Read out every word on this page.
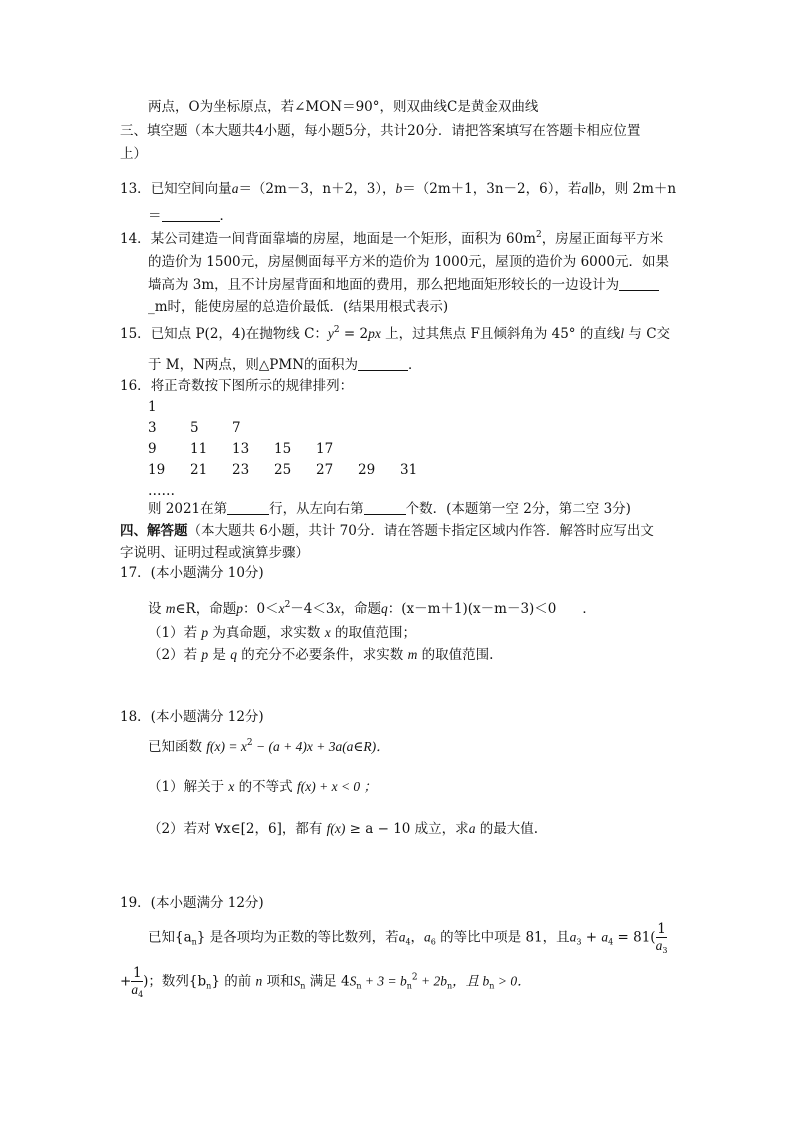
两点，O为坐标原点，若∠MON＝90°，则双曲线C是黄金双曲线
三、填空题（本大题共4小题，每小题5分，共计20分．请把答案填写在答题卡相应位置
上）
13．已知空间向量a＝（2m－3，n＋2，3），b＝（2m＋1，3n－2，6），若a∥b，则 2m＋n
＝	．
14．某公司建造一间背面靠墙的房屋，地面是一个矩形，面积为 $60m^2$，房屋正面每平方米
的造价为 1500元，房屋侧面每平方米的造价为 1000元，屋顶的造价为 6000元．如果
墙高为 3m，且不计房屋背面和地面的费用，那么把地面矩形较长的一边设计为
_m时，能使房屋的总造价最低．(结果用根式表示)
15．已知点 P(2，4)在抛物线 C：$y^2 = 2px$ 上，过其焦点 F且倾斜角为 45° 的直线l 与 C交
于 M，N两点，则△PMN的面积为	．
16．将正奇数按下图所示的规律排列：
1
3 5 7
9 11 13 15 17
19 21 23 25 27 29 31
……
则 2021在第	行，从左向右第	个数．(本题第一空 2分，第二空 3分)
四、解答题（本大题共 6小题，共计 70分．请在答题卡指定区域内作答．解答时应写出文
字说明、证明过程或演算步骤）
17．(本小题满分 10分)
设 m∈R，命题p：$0<x^2-4<3x$，命题q：(x－m＋1)(x－m－3)＜0 ．
（1）若 p 为真命题，求实数 x 的取值范围；
（2）若 p 是 q 的充分不必要条件，求实数 m 的取值范围.
18．(本小题满分 12分)
已知函数 $f(x) = x^2 - (a + 4)x$ + 3a(a∈R)．
（1）解关于 x 的不等式 f(x) + x < 0 ；
（2）若对 ∀x∈[2，6]，都有 f(x) ≥ a − 10 成立，求a 的最大值.
19．(本小题满分 12分)
已知$\{a_n\}$ 是各项均为正数的等比数列，若$a_4$，$a_6$ 的等比中项是 81，且$a_3 + a_4 = 81( \frac{1}{a_3}$
+ $\frac{1}{a_4}$ )；数列$\{b_n\}$ 的前 n 项和$S_n$ 满足 $4S_n + 3 = b_n^2 + 2b_n$，且 $b_n > 0$．
